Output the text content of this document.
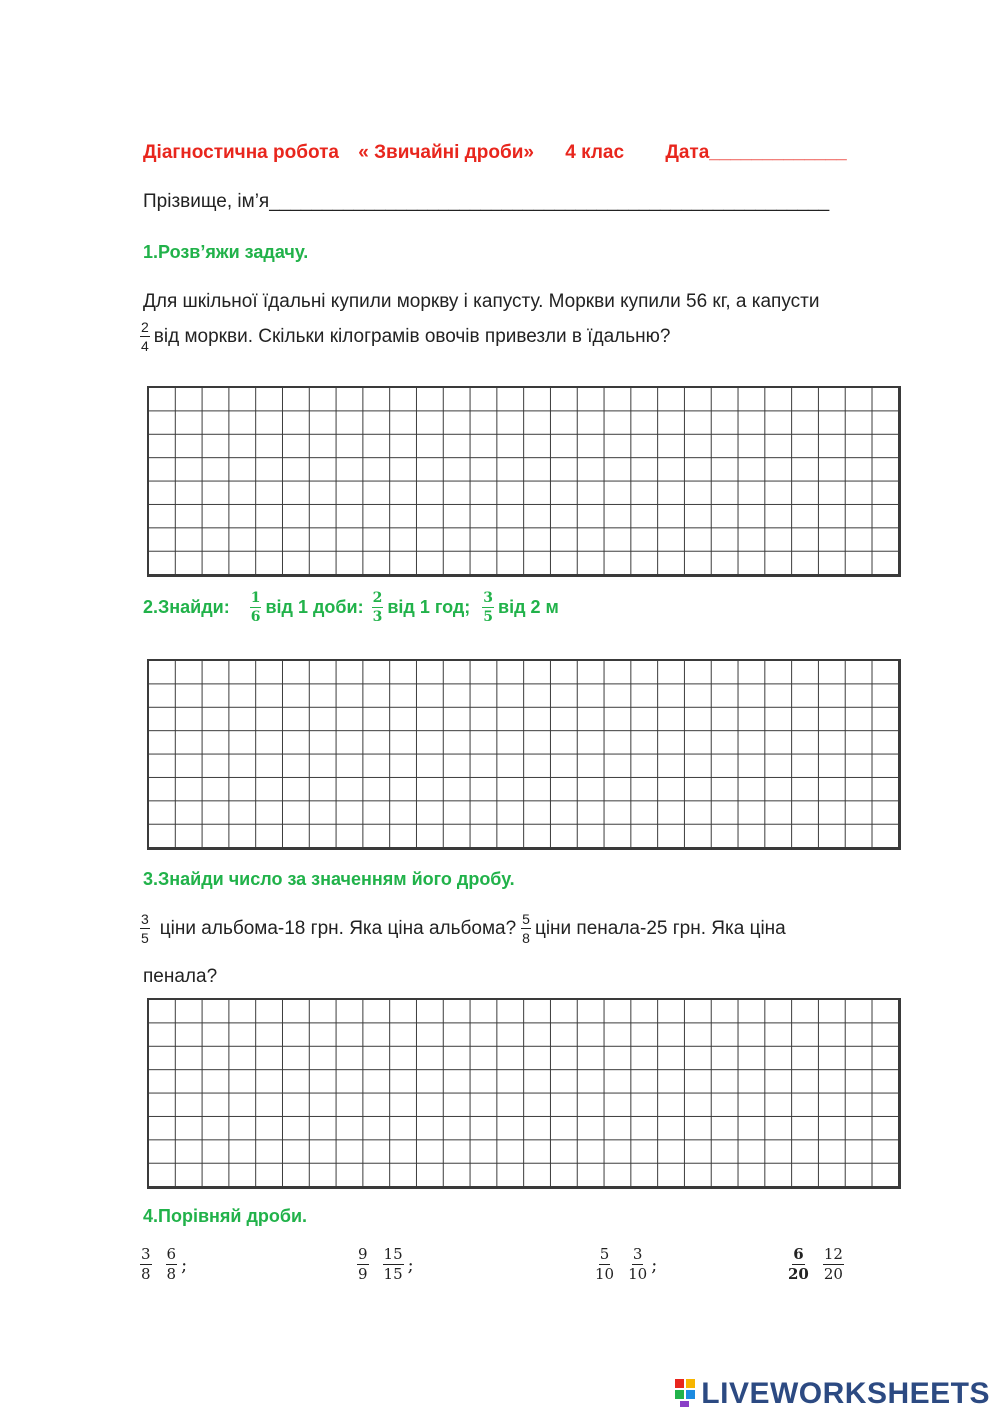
Діагностична робота « Звичайні дроби» 4 клас Дата_____________
Прізвище, ім’я_____________________________________________________
1.Розв’яжи задачу.
Для шкільної їдальні купили моркву і капусту. Моркви купили 56 кг, а капусти
$\frac{2}{4}$ від моркви. Скільки кілограмів овочів привезли в їдальню?
2.Знайди: $\frac{1}{6}$ від 1 доби: $\frac{2}{3}$ від 1 год; $\frac{3}{5}$ від 2 м
3.Знайди число за значенням його дробу.
$\frac{3}{5}$ ціни альбома-18 грн. Яка ціна альбома? $\frac{5}{8}$ ціни пенала-25 грн. Яка ціна
пенала?
4.Порівняй дроби.
$\frac{3}{8} \frac{6}{8}$ ;	$\frac{9}{9} \frac{15}{15}$ ;	$\frac{5}{10} \frac{3}{10}$ ;	$\frac{6}{20} \frac{12}{20}$
LIVEWORKSHEETS
